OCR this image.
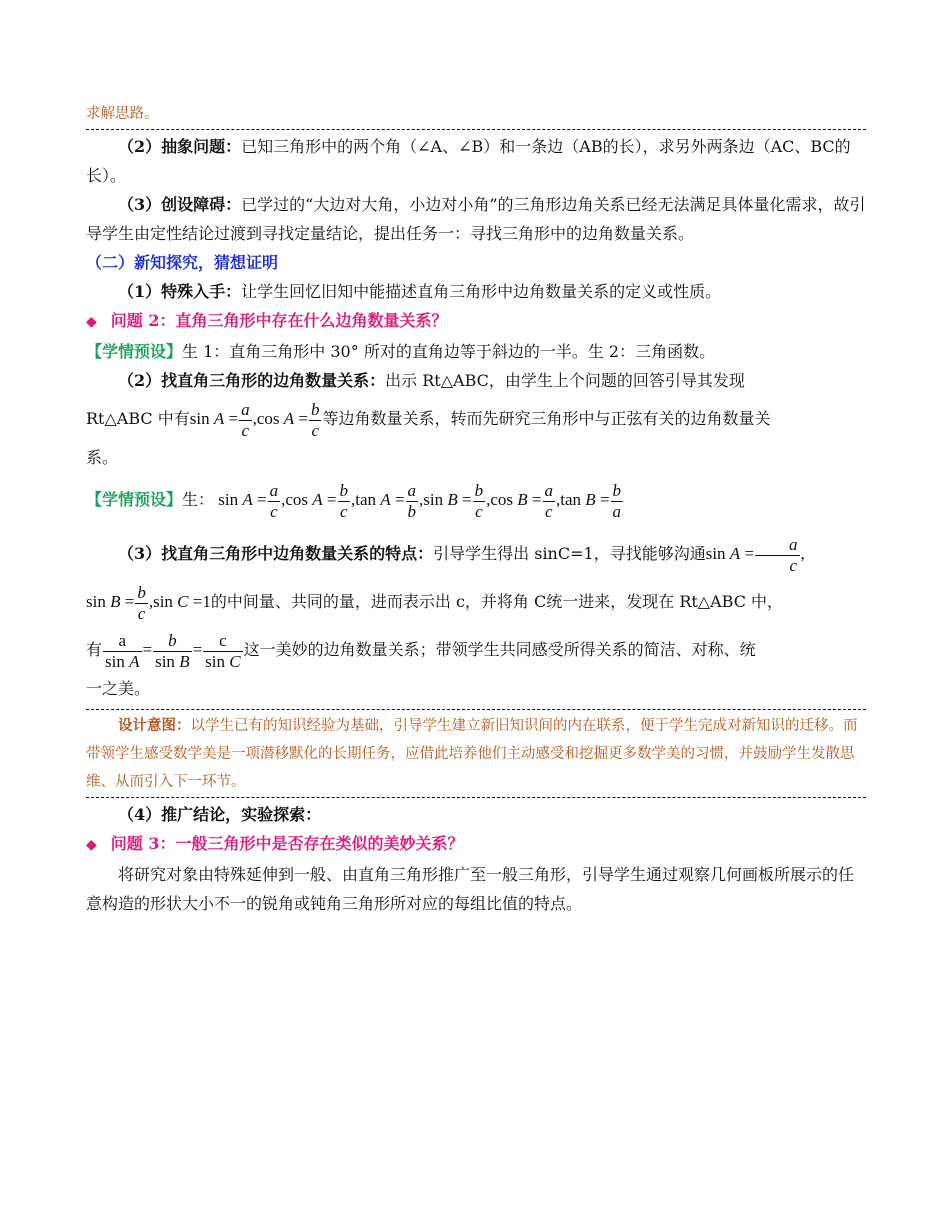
求解思路。

（2）抽象问题：已知三角形中的两个角（∠A、∠B）和一条边（AB的长），求另外两条边（AC、BC的长）。

（3）创设障碍：已学过的“大边对大角，小边对小角”的三角形边角关系已经无法满足具体量化需求，故引导学生由定性结论过渡到寻找定量结论，提出任务一：寻找三角形中的边角数量关系。

（二）新知探究，猜想证明

（1）特殊入手：让学生回忆旧知中能描述直角三角形中边角数量关系的定义或性质。

◆ 问题 2：直角三角形中存在什么边角数量关系？

【学情预设】生 1：直角三角形中 30° 所对的直角边等于斜边的一半。生 2：三角函数。

（2）找直角三角形的边角数量关系：出示 Rt△ABC，由学生上个问题的回答引导其发现

Rt△ABC 中有$\sin A = \frac{a}{c} ,\cos$ $A = \frac{b}{c}$ 等边角数量关系，转而先研究三角形中与正弦有关的边角数量关

系。

【学情预设】生： $\sin A = \frac{a}{c} ,\cos$ $A = \frac{b}{c} ,\tan$ $A = \frac{a}{b} ,\sin$ $B = \frac{b}{c} ,\cos$ $B = \frac{a}{c} ,\tan$ $B = \frac{b}{a}$

（3）找直角三角形中边角数量关系的特点：引导学生得出 sinC=1，寻找能够沟通$\sin A = \frac{a}{c}$ ,

$\sin B = \frac{b}{c} ,\sin$ C =1的中间量、共同的量，进而表示出 c，并将角 C统一进来，发现在 Rt△ABC 中，

有 $\frac{a}{\text{sin A}} = \frac{b}{\text{sin B}} = \frac{c}{\text{sin C}}$ 这一美妙的边角数量关系；带领学生共同感受所得关系的简洁、对称、统

一之美。

设计意图：以学生已有的知识经验为基础，引导学生建立新旧知识间的内在联系，便于学生完成对新知识的迁移。而带领学生感受数学美是一项潜移默化的长期任务，应借此培养他们主动感受和挖掘更多数学美的习惯，并鼓励学生发散思维、从而引入下一环节。

（4）推广结论，实验探索：

◆ 问题 3：一般三角形中是否存在类似的美妙关系？

将研究对象由特殊延伸到一般、由直角三角形推广至一般三角形，引导学生通过观察几何画板所展示的任意构造的形状大小不一的锐角或钝角三角形所对应的每组比值的特点。
